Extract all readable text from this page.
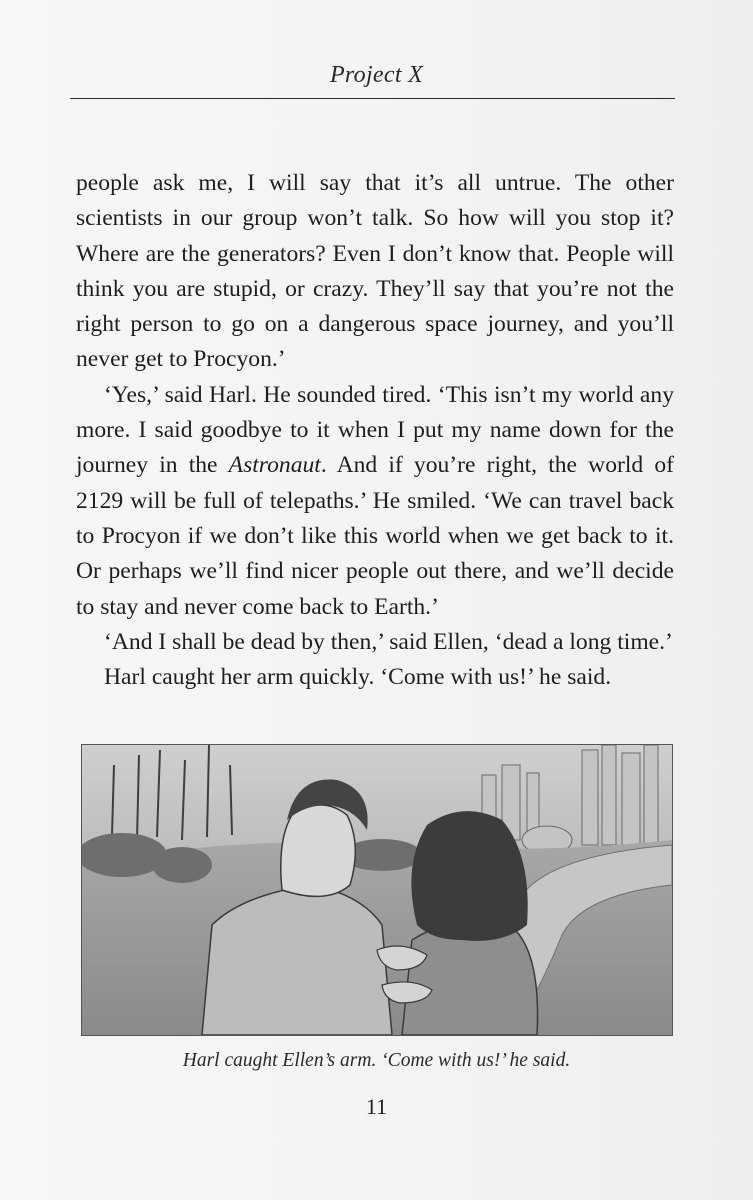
Project X

people ask me, I will say that it’s all untrue. The other scientists in our group won’t talk. So how will you stop it? Where are the generators? Even I don’t know that. People will think you are stupid, or crazy. They’ll say that you’re not the right person to go on a dangerous space journey, and you’ll never get to Procyon.’

‘Yes,’ said Harl. He sounded tired. ‘This isn’t my world any more. I said goodbye to it when I put my name down for the journey in the Astronaut. And if you’re right, the world of 2129 will be full of telepaths.’ He smiled. ‘We can travel back to Procyon if we don’t like this world when we get back to it. Or perhaps we’ll find nicer people out there, and we’ll decide to stay and never come back to Earth.’

‘And I shall be dead by then,’ said Ellen, ‘dead a long time.’

Harl caught her arm quickly. ‘Come with us!’ he said.

Harl caught Ellen’s arm. ‘Come with us!’ he said.
11
